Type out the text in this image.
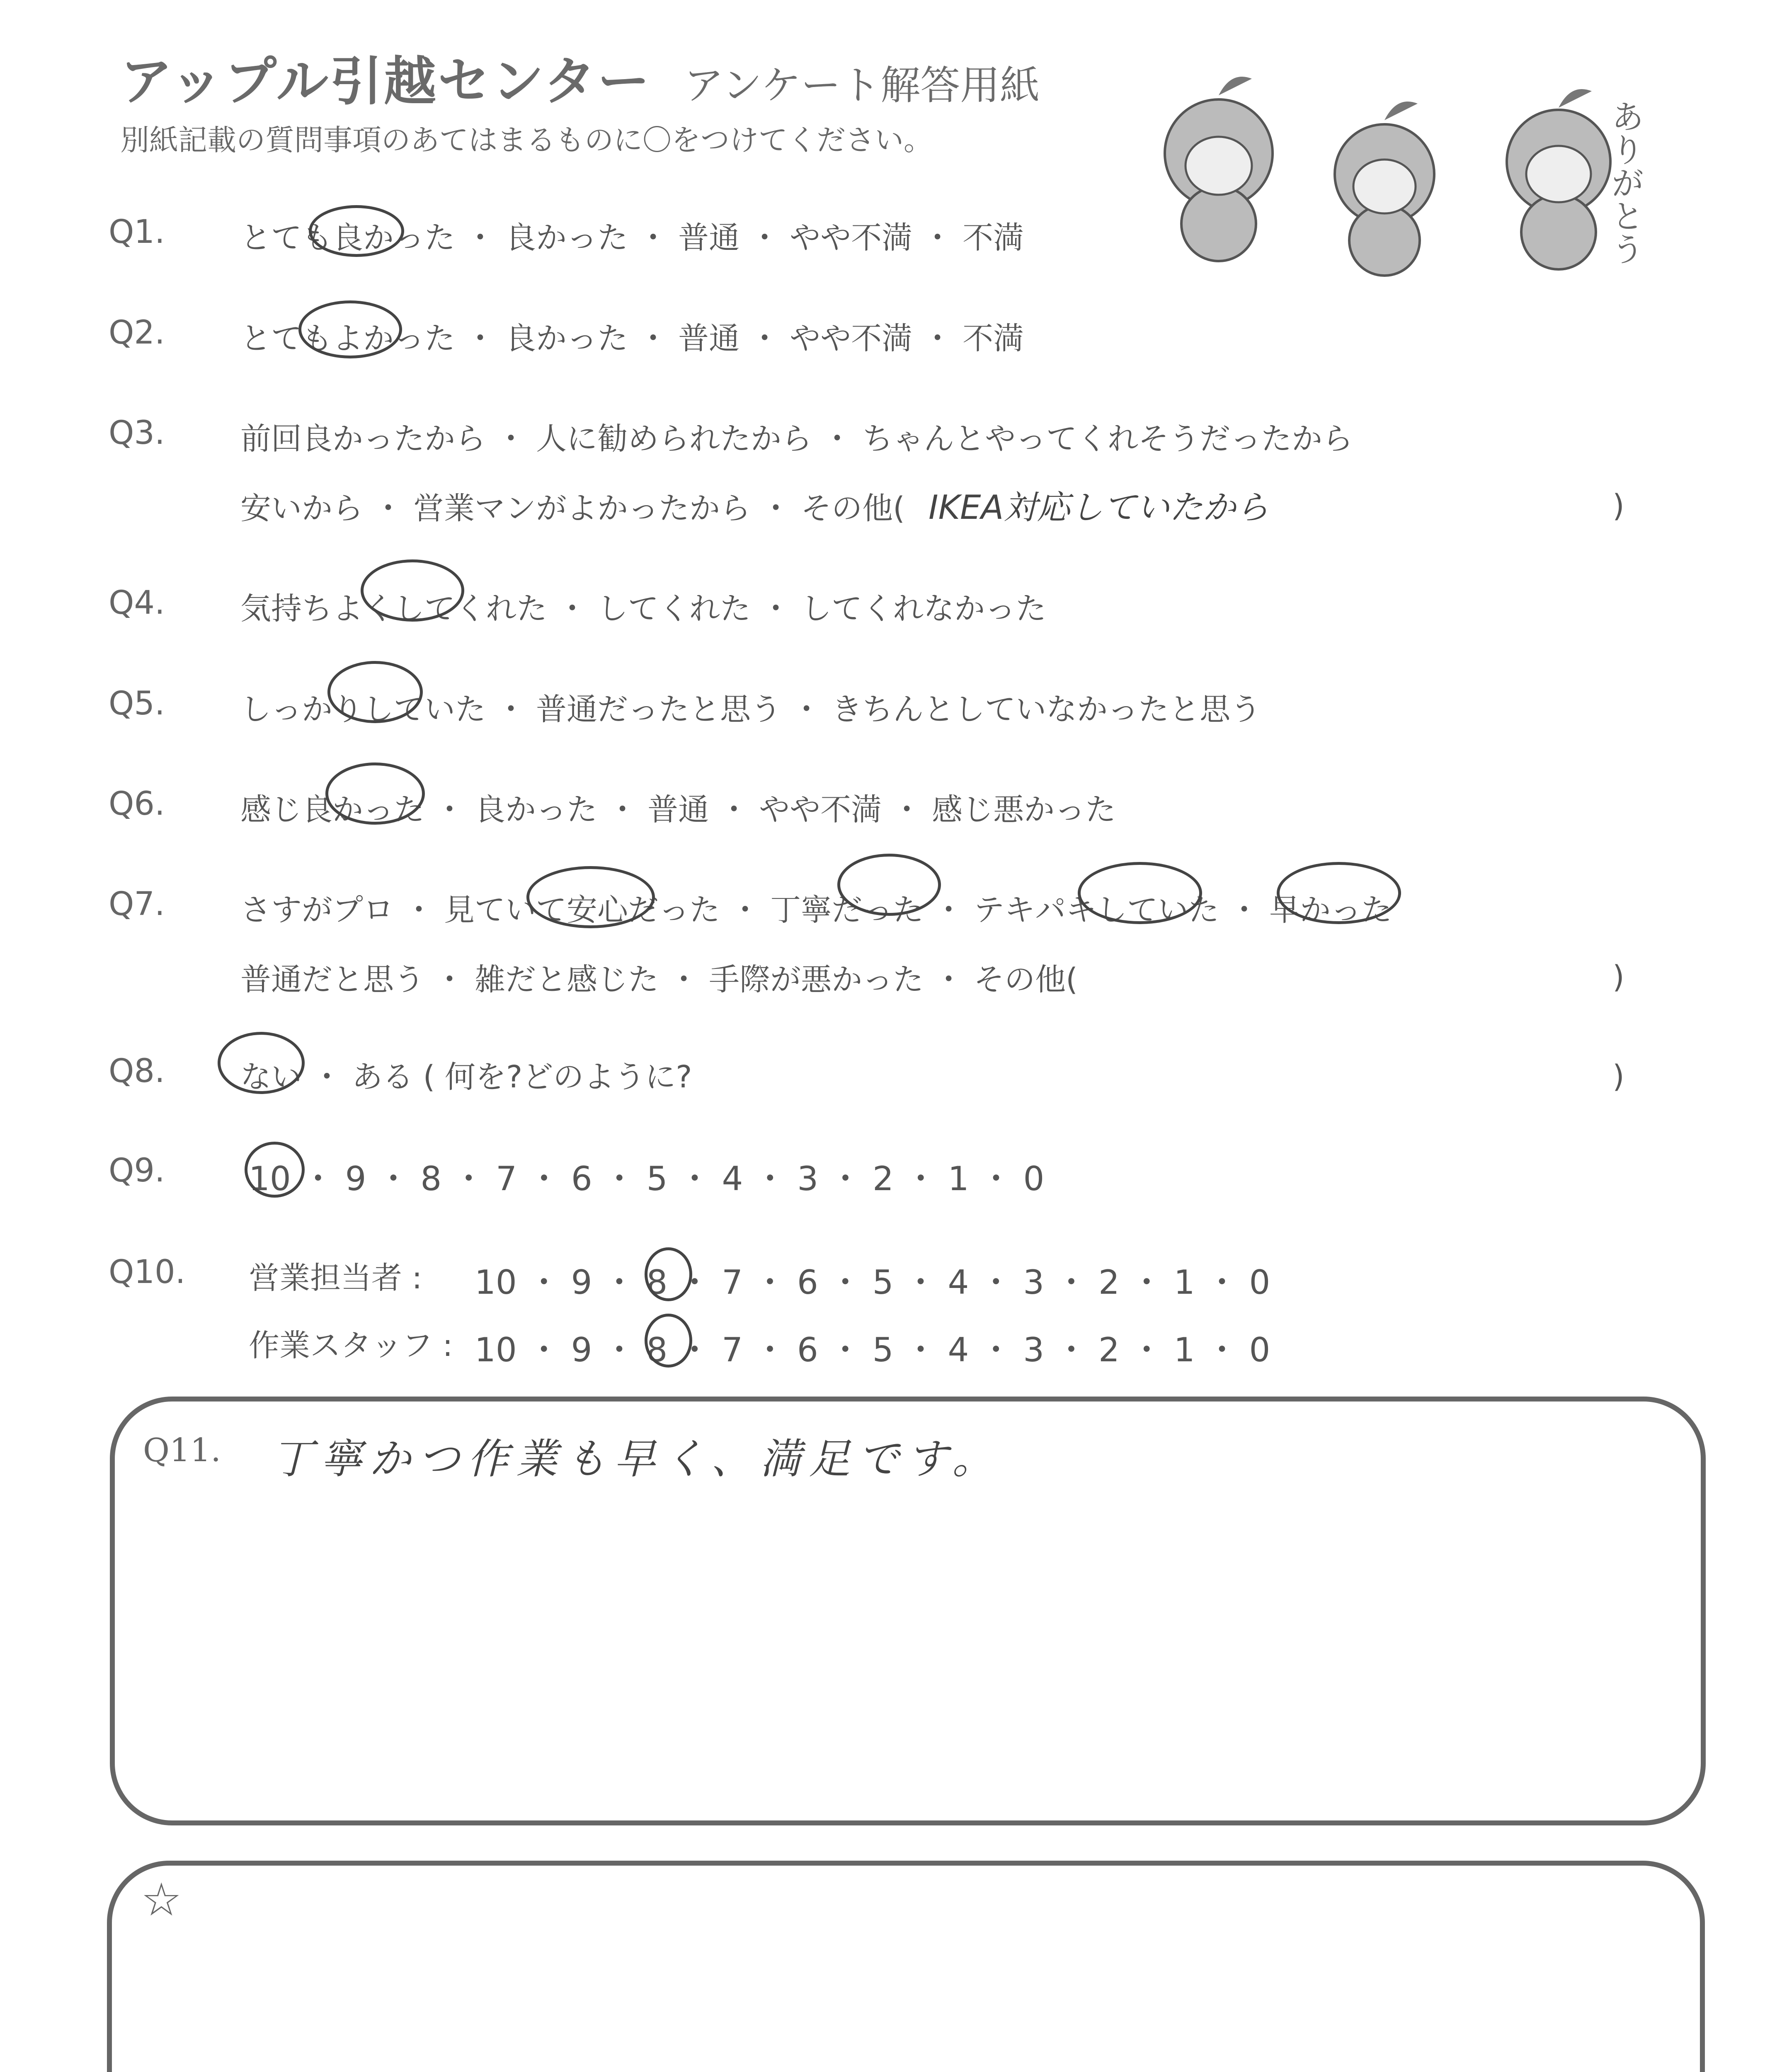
アップル引越センター アンケート解答用紙
別紙記載の質問事項のあてはまるものに〇をつけてください。	ありがとう
Q1. とても良かった ・ 良かった ・ 普通 ・ やや不満 ・ 不満
Q2. とてもよかった ・ 良かった ・ 普通 ・ やや不満 ・ 不満
Q3. 前回良かったから ・ 人に勧められたから ・ ちゃんとやってくれそうだったから
安いから ・ 営業マンがよかったから ・ その他( IKEA対応していたから	)
Q4. 気持ちよくしてくれた ・ してくれた ・ してくれなかった
Q5. しっかりしていた ・ 普通だったと思う ・ きちんとしていなかったと思う
Q6. 感じ良かった ・ 良かった ・ 普通 ・ やや不満 ・ 感じ悪かった
Q7. さすがプロ ・ 見ていて安心だった ・ 丁寧だった ・ テキパキしていた ・ 早かった
普通だと思う ・ 雑だと感じた ・ 手際が悪かった ・ その他(	)
Q8. ない ・ ある ( 何を?どのように?	)
Q9.	10 ・ 9 ・ 8 ・ 7 ・ 6 ・ 5 ・ 4 ・ 3 ・ 2 ・ 1 ・ 0
Q10. 営業担当者 : 10 ・ 9 ・ 8 ・ 7 ・ 6 ・ 5 ・ 4 ・ 3 ・ 2 ・ 1 ・ 0
作業スタッフ : 10 ・ 9 ・ 8 ・ 7 ・ 6 ・ 5 ・ 4 ・ 3 ・ 2 ・ 1 ・ 0
Q11. 丁寧かつ作業も早く、満足です。
☆
